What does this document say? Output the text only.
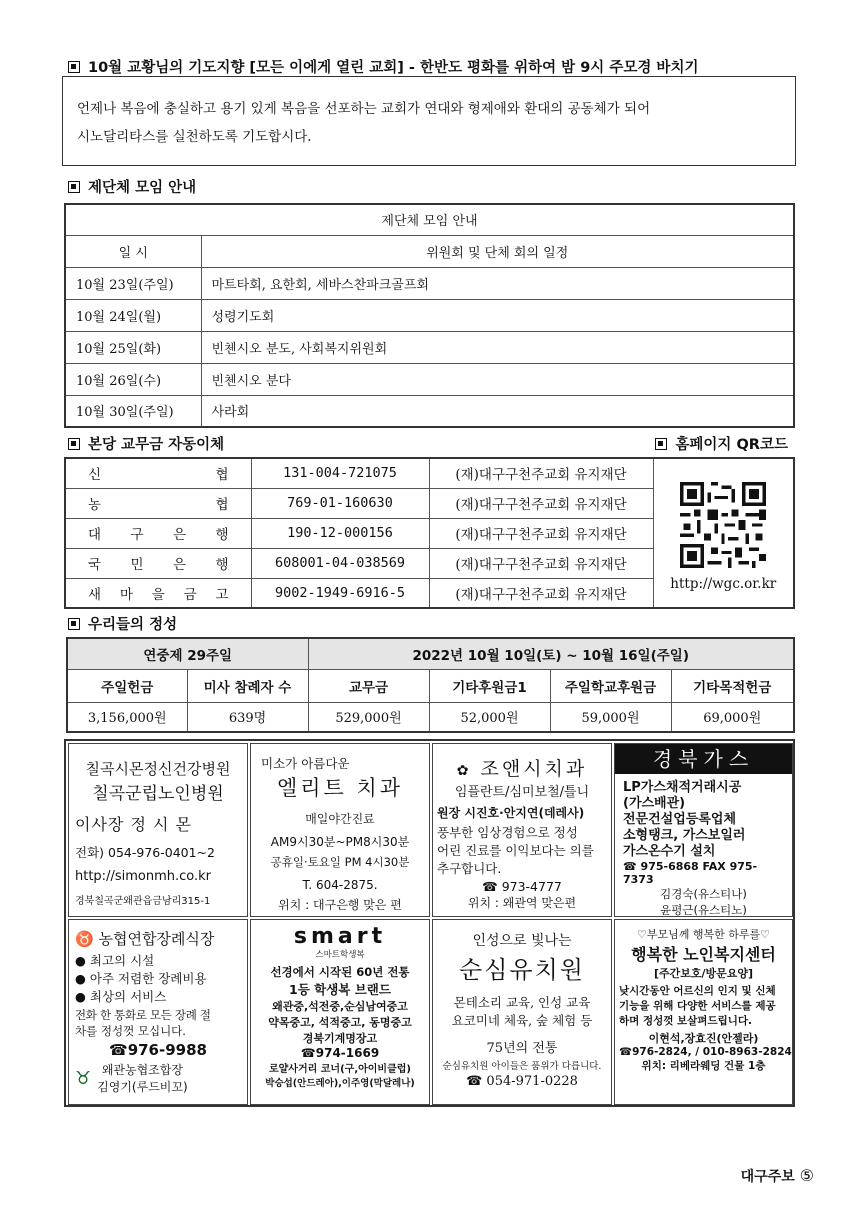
10월 교황님의 기도지향 [모든 이에게 열린 교회] - 한반도 평화를 위하여 밤 9시 주모경 바치기
언제나 복음에 충실하고 용기 있게 복음을 선포하는 교회가 연대와 형제애와 환대의 공동체가 되어
시노달리타스를 실천하도록 기도합시다.
제단체 모임 안내
제단체 모임 안내	
일 시	위원회 및 단체 회의 일정
10월 23일(주일)	마트타회, 요한회, 세바스찬파크골프회
10월 24일(월)	성령기도회
10월 25일(화)	빈첸시오 분도, 사회복지위원회
10월 26일(수)	빈첸시오 분다
10월 30일(주일)	사라회
본당 교무금 자동이체	홈페이지 QR코드
신 협	131-004-721075	(재)대구구천주교회 유지재단	http://wgc.or.kr

농 협	769-01-160630	(재)대구구천주교회 유지재단	

대 구 은 행	190-12-000156	(재)대구구천주교회 유지재단	

국 민 은 행	608001-04-038569	(재)대구구천주교회 유지재단	

새 마 을 금 고	9002-1949-6916-5	(재)대구구천주교회 유지재단	
우리들의 정성
연중제 29주일		2022년 10월 10일(토) ~ 10월 16일(주일)			
주일헌금	미사 참례자 수	교무금	기타후원금1	주일학교후원금	기타목적헌금
3,156,000원	639명	529,000원	52,000원	59,000원	69,000원
칠곡시몬정신건강병원
칠곡군립노인병원
이사장 정 시 몬
전화) 054-976-0401~2
http://simonmh.co.kr
경북칠곡군왜관읍금남리315-1
미소가 아름다운
엘리트 치과
매일야간진료
AM9시30분~PM8시30분
공휴일·토요일 PM 4시30분
T. 604-2875.
위치 : 대구은행 맞은 편
✿ 조앤시치과
임플란트/심미보철/틀니
원장 시진호·안지연(데레사)
풍부한 임상경험으로 정성
어린 진료를 이익보다는 의를
추구합니다.
☎ 973-4777
위치 : 왜관역 맞은편
경북가스
LP가스채적거래시공
(가스배관)
전문건설업등록업체
소형탱크, 가스보일러
가스온수기 설치
☎ 975-6868 FAX 975-7373
김경숙(유스티나)
윤평근(유스티노)
♉ 농협연합장례식장
● 최고의 시설
● 아주 저렴한 장례비용
● 최상의 서비스
전화 한 통화로 모든 장례 절
차를 정성껏 모십니다.
☎976-9988
♉ 왜관농협조합장
김영기(루드비꼬)
smart
스마트학생복
선경에서 시작된 60년 전통
1등 학생복 브랜드
왜관중,석전중,순심남여중고
약목중고, 석적중고, 동명중고
경북기계명장고
☎974-1669
로얄사거리 코너(구,아이비클럽)
박승섭(안드레아),이주영(막달레나)
인성으로 빛나는
순심유치원
몬테소리 교육, 인성 교육
요코미네 체육, 숲 체험 등
75년의 전통
순심유치원 아이들은 품위가 다릅니다.
☎ 054-971-0228
♡부모님께 행복한 하루를♡
행복한 노인복지센터
[주간보호/방문요양]
낮시간동안 어르신의 인지 및 신체
기능을 위해 다양한 서비스를 제공
하며 정성껏 보살펴드립니다.
이현석,장효진(안젤라)
☎976-2824, / 010-8963-2824
위치: 리베라웨딩 건물 1층
대구주보 ⑤
